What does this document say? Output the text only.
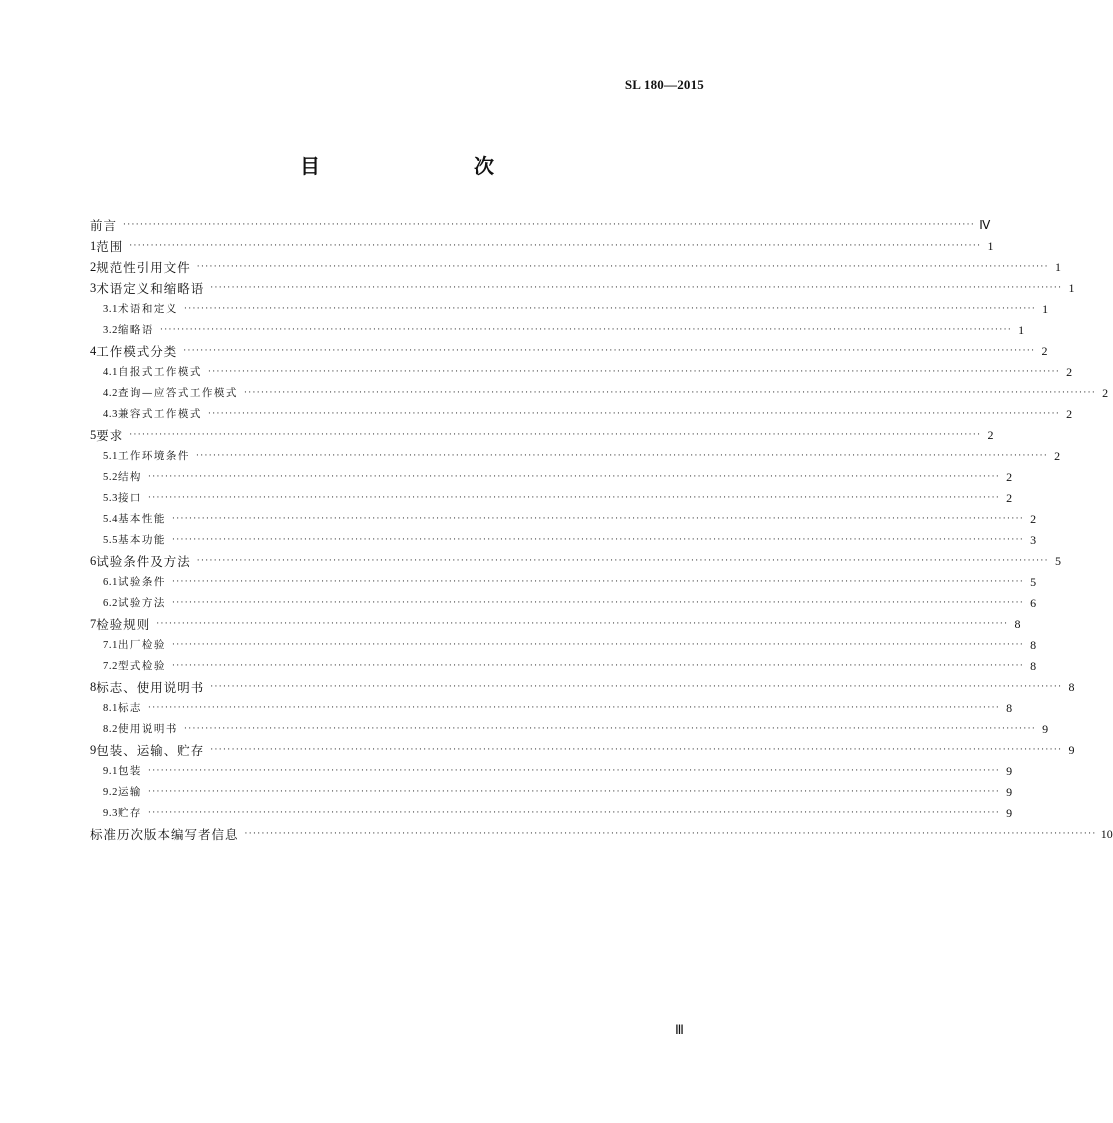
SL 180—2015
目　　次
前言 ········································································································································································································ Ⅳ
1 范围 ········································································································································································································ 1
2 规范性引用文件 ········································································································································································································ 1
3 术语定义和缩略语 ········································································································································································································ 1
3.1 术语和定义 ········································································································································································································ 1
3.2 缩略语 ········································································································································································································ 1
4 工作模式分类 ········································································································································································································ 2
4.1 自报式工作模式 ········································································································································································································ 2
4.2 查询—应答式工作模式 ········································································································································································································ 2
4.3 兼容式工作模式 ········································································································································································································ 2
5 要求 ········································································································································································································ 2
5.1 工作环境条件 ········································································································································································································ 2
5.2 结构 ········································································································································································································ 2
5.3 接口 ········································································································································································································ 2
5.4 基本性能 ········································································································································································································ 2
5.5 基本功能 ········································································································································································································ 3
6 试验条件及方法 ········································································································································································································ 5
6.1 试验条件 ········································································································································································································ 5
6.2 试验方法 ········································································································································································································ 6
7 检验规则 ········································································································································································································ 8
7.1 出厂检验 ········································································································································································································ 8
7.2 型式检验 ········································································································································································································ 8
8 标志、使用说明书 ········································································································································································································ 8
8.1 标志 ········································································································································································································ 8
8.2 使用说明书 ········································································································································································································ 9
9 包装、运输、贮存 ········································································································································································································ 9
9.1 包装 ········································································································································································································ 9
9.2 运输 ········································································································································································································ 9
9.3 贮存 ········································································································································································································ 9
标准历次版本编写者信息 ········································································································································································································ 10
Ⅲ
